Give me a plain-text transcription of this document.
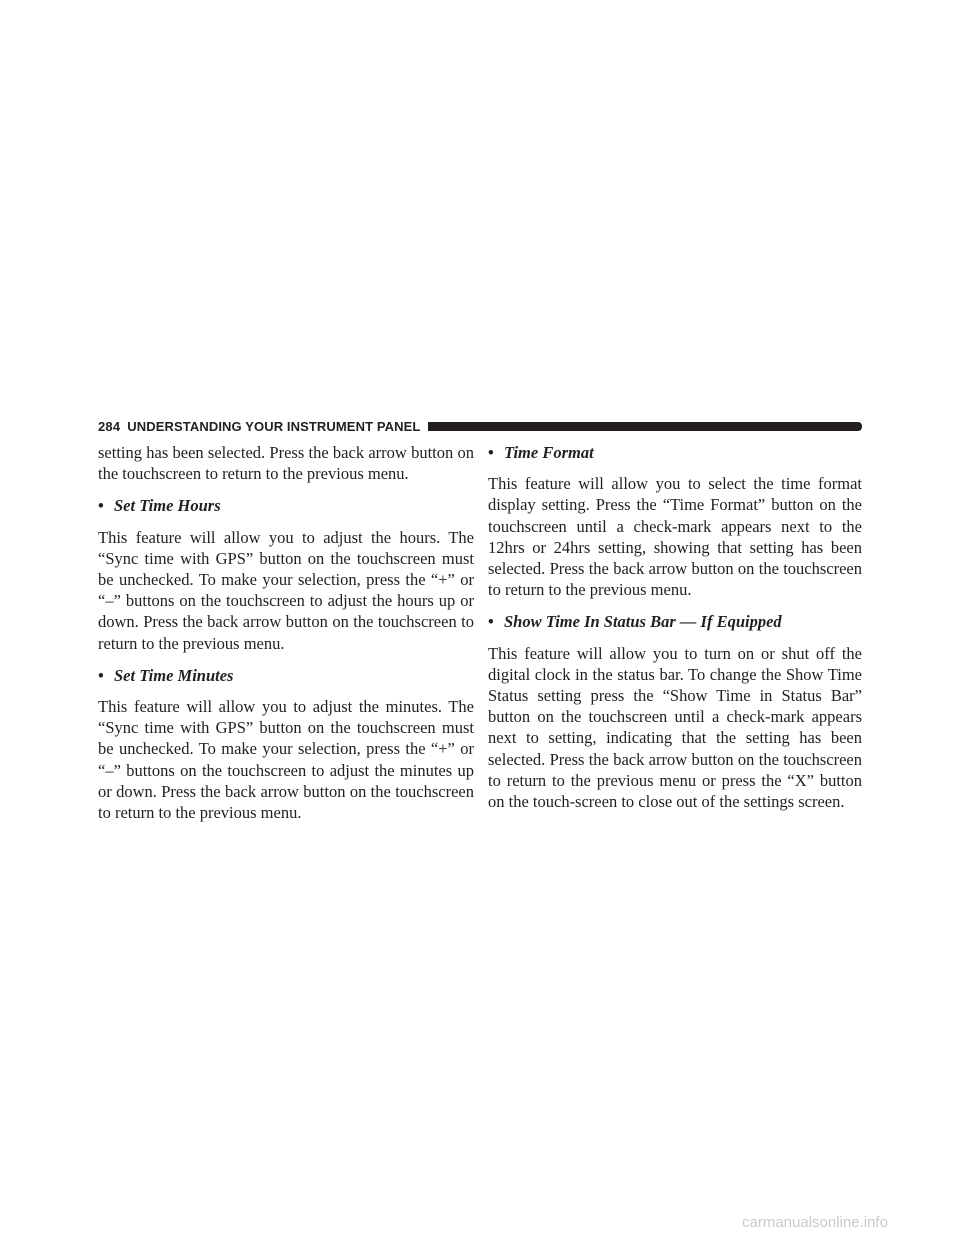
284 UNDERSTANDING YOUR INSTRUMENT PANEL

setting has been selected. Press the back arrow button on the touchscreen to return to the previous menu.

• Set Time Hours

This feature will allow you to adjust the hours. The “Sync time with GPS” button on the touchscreen must be unchecked. To make your selection, press the “+” or “–” buttons on the touchscreen to adjust the hours up or down. Press the back arrow button on the touchscreen to return to the previous menu.

• Set Time Minutes

This feature will allow you to adjust the minutes. The “Sync time with GPS” button on the touchscreen must be unchecked. To make your selection, press the “+” or “–” buttons on the touchscreen to adjust the minutes up or down. Press the back arrow button on the touchscreen to return to the previous menu.

• Time Format

This feature will allow you to select the time format display setting. Press the “Time Format” button on the touchscreen until a check-mark appears next to the 12hrs or 24hrs setting, showing that setting has been selected. Press the back arrow button on the touchscreen to return to the previous menu.

• Show Time In Status Bar — If Equipped

This feature will allow you to turn on or shut off the digital clock in the status bar. To change the Show Time Status setting press the “Show Time in Status Bar” button on the touchscreen until a check-mark appears next to setting, indicating that the setting has been selected. Press the back arrow button on the touchscreen to return to the previous menu or press the “X” button on the touch-screen to close out of the settings screen.

carmanualsonline.info
